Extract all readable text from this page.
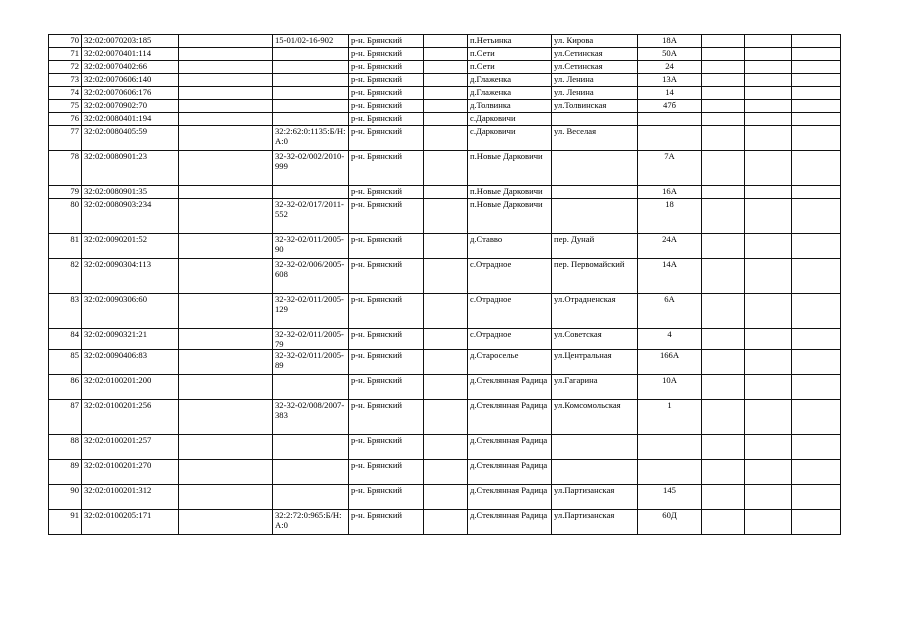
70	32:02:0070203:185		15-01/02-16-902	р-н. Брянский		п.Нетьинка	ул. Кирова	18А			
71	32:02:0070401:114			р-н. Брянский		п.Сети	ул.Сетинская	50А			
72	32:02:0070402:66			р-н. Брянский		п.Сети	ул.Сетинская	24			
73	32:02:0070606:140			р-н. Брянский		д.Глаженка	ул. Ленина	13А			
74	32:02:0070606:176			р-н. Брянский		д.Глаженка	ул. Ленина	14			
75	32:02:0070902:70			р-н. Брянский		д.Толвинка	ул.Толвинская	47б			
76	32:02:0080401:194			р-н. Брянский		с.Дарковичи					
77	32:02:0080405:59		32:2:62:0:1135:Б/Н:А:0	р-н. Брянский		с.Дарковичи	ул. Веселая				
78	32:02:0080901:23		32-32-02/002/2010-999	р-н. Брянский		п.Новые Дарковичи		7А			
79	32:02:0080901:35			р-н. Брянский		п.Новые Дарковичи		16А			
80	32:02:0080903:234		32-32-02/017/2011-552	р-н. Брянский		п.Новые Дарковичи		18			
81	32:02:0090201:52		32-32-02/011/2005-90	р-н. Брянский		д.Ставво	пер. Дунай	24А			
82	32:02:0090304:113		32-32-02/006/2005-608	р-н. Брянский		с.Отрадное	пер. Первомайский	14А			
83	32:02:0090306:60		32-32-02/011/2005-129	р-н. Брянский		с.Отрадное	ул.Отрадненская	6А			
84	32:02:0090321:21		32-32-02/011/2005-79	р-н. Брянский		с.Отрадное	ул.Советская	4			
85	32:02:0090406:83		32-32-02/011/2005-89	р-н. Брянский		д.Староселье	ул.Центральная	166А			
86	32:02:0100201:200			р-н. Брянский		д.Стеклянная Радица	ул.Гагарина	10А			
87	32:02:0100201:256		32-32-02/008/2007-383	р-н. Брянский		д.Стеклянная Радица	ул.Комсомольская	1			
88	32:02:0100201:257			р-н. Брянский		д.Стеклянная Радица					
89	32:02:0100201:270			р-н. Брянский		д.Стеклянная Радица					
90	32:02:0100201:312			р-н. Брянский		д.Стеклянная Радица	ул.Партизанская	145			
91	32:02:0100205:171		32:2:72:0:965:Б/Н:А:0	р-н. Брянский		д.Стеклянная Радица	ул.Партизанская	60Д			
